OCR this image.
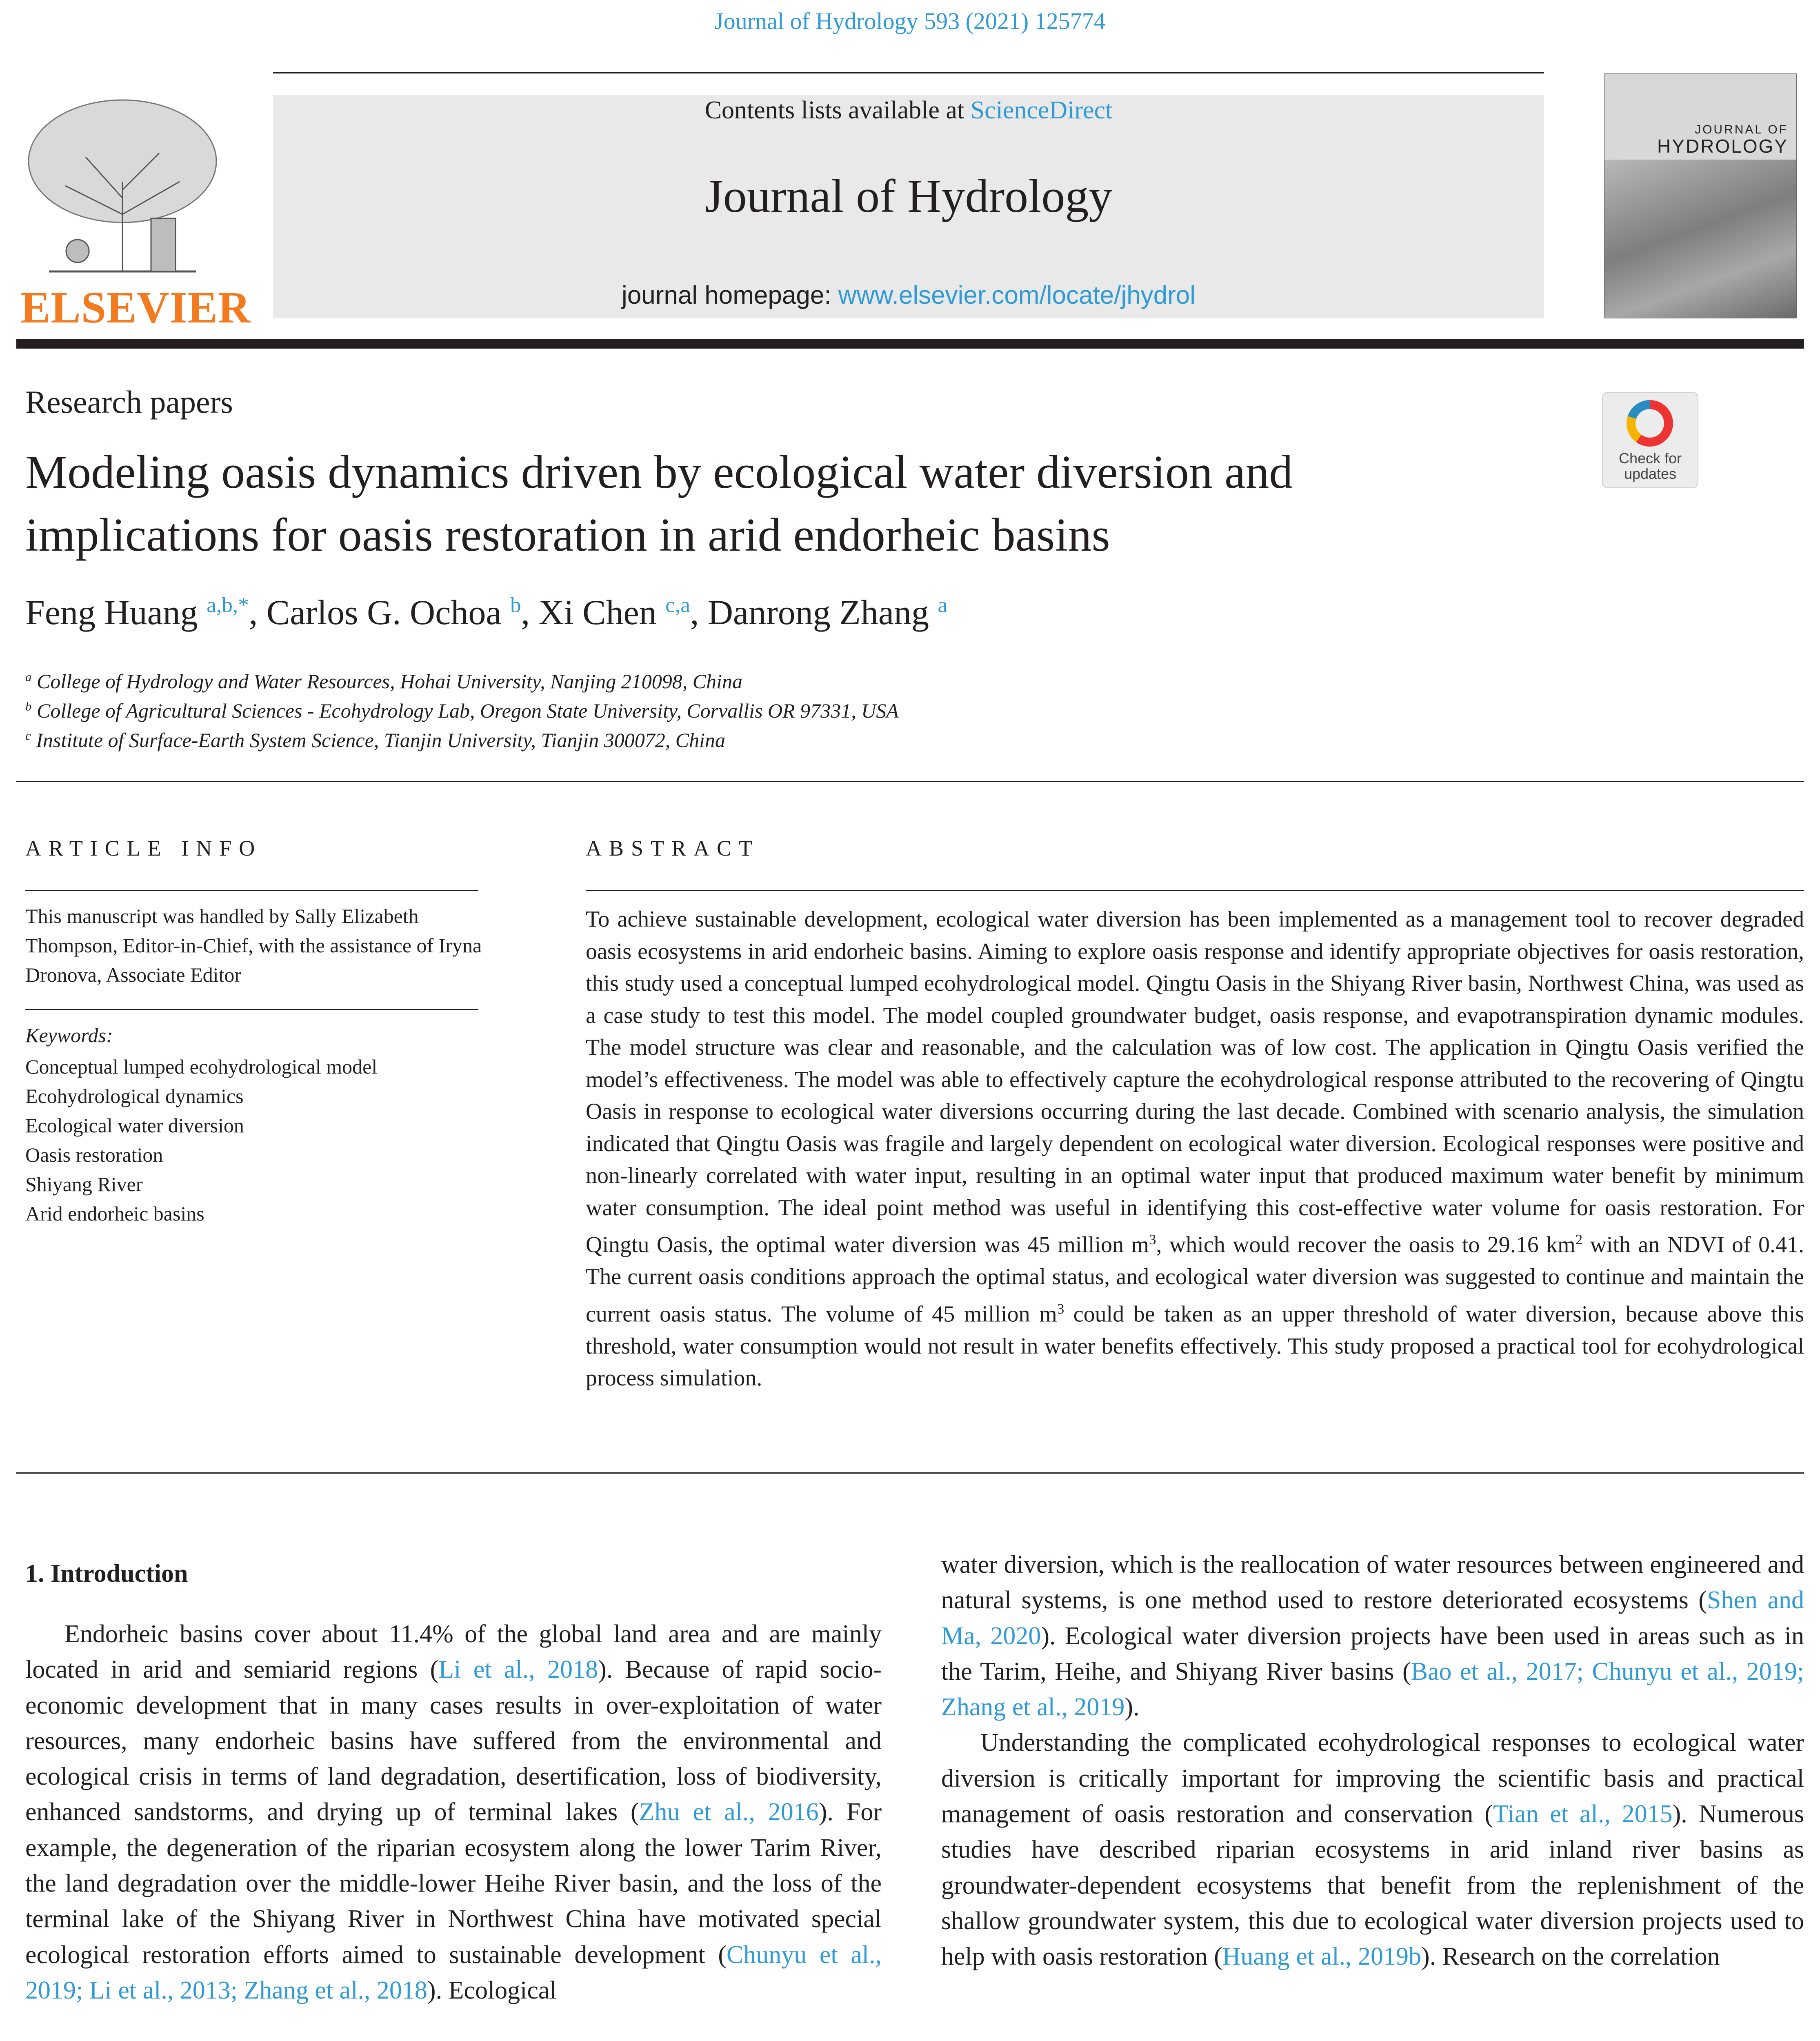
Journal of Hydrology 593 (2021) 125774
ELSEVIER
Contents lists available at ScienceDirect
Journal of Hydrology
journal homepage: www.elsevier.com/locate/jhydrol
JOURNAL OF
HYDROLOGY
Research papers
Check for updates
Modeling oasis dynamics driven by ecological water diversion and
implications for oasis restoration in arid endorheic basins
Feng Huang $^{a,b,*}$, Carlos G. Ochoa $^b$, Xi Chen $^{c,a}$, Danrong Zhang $^a$
$^a$ College of Hydrology and Water Resources, Hohai University, Nanjing 210098, China
$^b$ College of Agricultural Sciences - Ecohydrology Lab, Oregon State University, Corvallis OR 97331, USA
$^c$ Institute of Surface-Earth System Science, Tianjin University, Tianjin 300072, China
ARTICLE INFO
This manuscript was handled by Sally Elizabeth Thompson, Editor-in-Chief, with the assistance of Iryna Dronova, Associate Editor
Keywords:
Conceptual lumped ecohydrological model
Ecohydrological dynamics
Ecological water diversion
Oasis restoration
Shiyang River
Arid endorheic basins
ABSTRACT

To achieve sustainable development, ecological water diversion has been implemented as a management tool to recover degraded oasis ecosystems in arid endorheic basins. Aiming to explore oasis response and identify appropriate objectives for oasis restoration, this study used a conceptual lumped ecohydrological model. Qingtu Oasis in the Shiyang River basin, Northwest China, was used as a case study to test this model. The model coupled groundwater budget, oasis response, and evapotranspiration dynamic modules. The model structure was clear and reasonable, and the calculation was of low cost. The application in Qingtu Oasis verified the model’s effectiveness. The model was able to effectively capture the ecohydrological response attributed to the recovering of Qingtu Oasis in response to ecological water diversions occurring during the last decade. Combined with scenario analysis, the simulation indicated that Qingtu Oasis was fragile and largely dependent on ecological water diversion. Ecological responses were positive and non-linearly correlated with water input, resulting in an optimal water input that produced maximum water benefit by minimum water consumption. The ideal point method was useful in identifying this cost-effective water volume for oasis restoration. For Qingtu Oasis, the optimal water diversion was 45 million $m^3$, which would recover the oasis to 29.16 $km^2$ with an NDVI of 0.41. The current oasis conditions approach the optimal status, and ecological water diversion was suggested to continue and maintain the current oasis status. The volume of 45 million $m^3$ could be taken as an upper threshold of water diversion, because above this threshold, water consumption would not result in water benefits effectively. This study proposed a practical tool for ecohydrological process simulation.

1. Introduction

Endorheic basins cover about 11.4% of the global land area and are mainly located in arid and semiarid regions (Li et al., 2018). Because of rapid socio-economic development that in many cases results in over-exploitation of water resources, many endorheic basins have suffered from the environmental and ecological crisis in terms of land degradation, desertification, loss of biodiversity, enhanced sandstorms, and drying up of terminal lakes (Zhu et al., 2016). For example, the degeneration of the riparian ecosystem along the lower Tarim River, the land degradation over the middle-lower Heihe River basin, and the loss of the terminal lake of the Shiyang River in Northwest China have motivated special ecological restoration efforts aimed to sustainable development (Chunyu et al., 2019; Li et al., 2013; Zhang et al., 2018). Ecological

water diversion, which is the reallocation of water resources between engineered and natural systems, is one method used to restore deteriorated ecosystems (Shen and Ma, 2020). Ecological water diversion projects have been used in areas such as in the Tarim, Heihe, and Shiyang River basins (Bao et al., 2017; Chunyu et al., 2019; Zhang et al., 2019).

Understanding the complicated ecohydrological responses to ecological water diversion is critically important for improving the scientific basis and practical management of oasis restoration and conservation (Tian et al., 2015). Numerous studies have described riparian ecosystems in arid inland river basins as groundwater-dependent ecosystems that benefit from the replenishment of the shallow groundwater system, this due to ecological water diversion projects used to help with oasis restoration (Huang et al., 2019b). Research on the correlation
